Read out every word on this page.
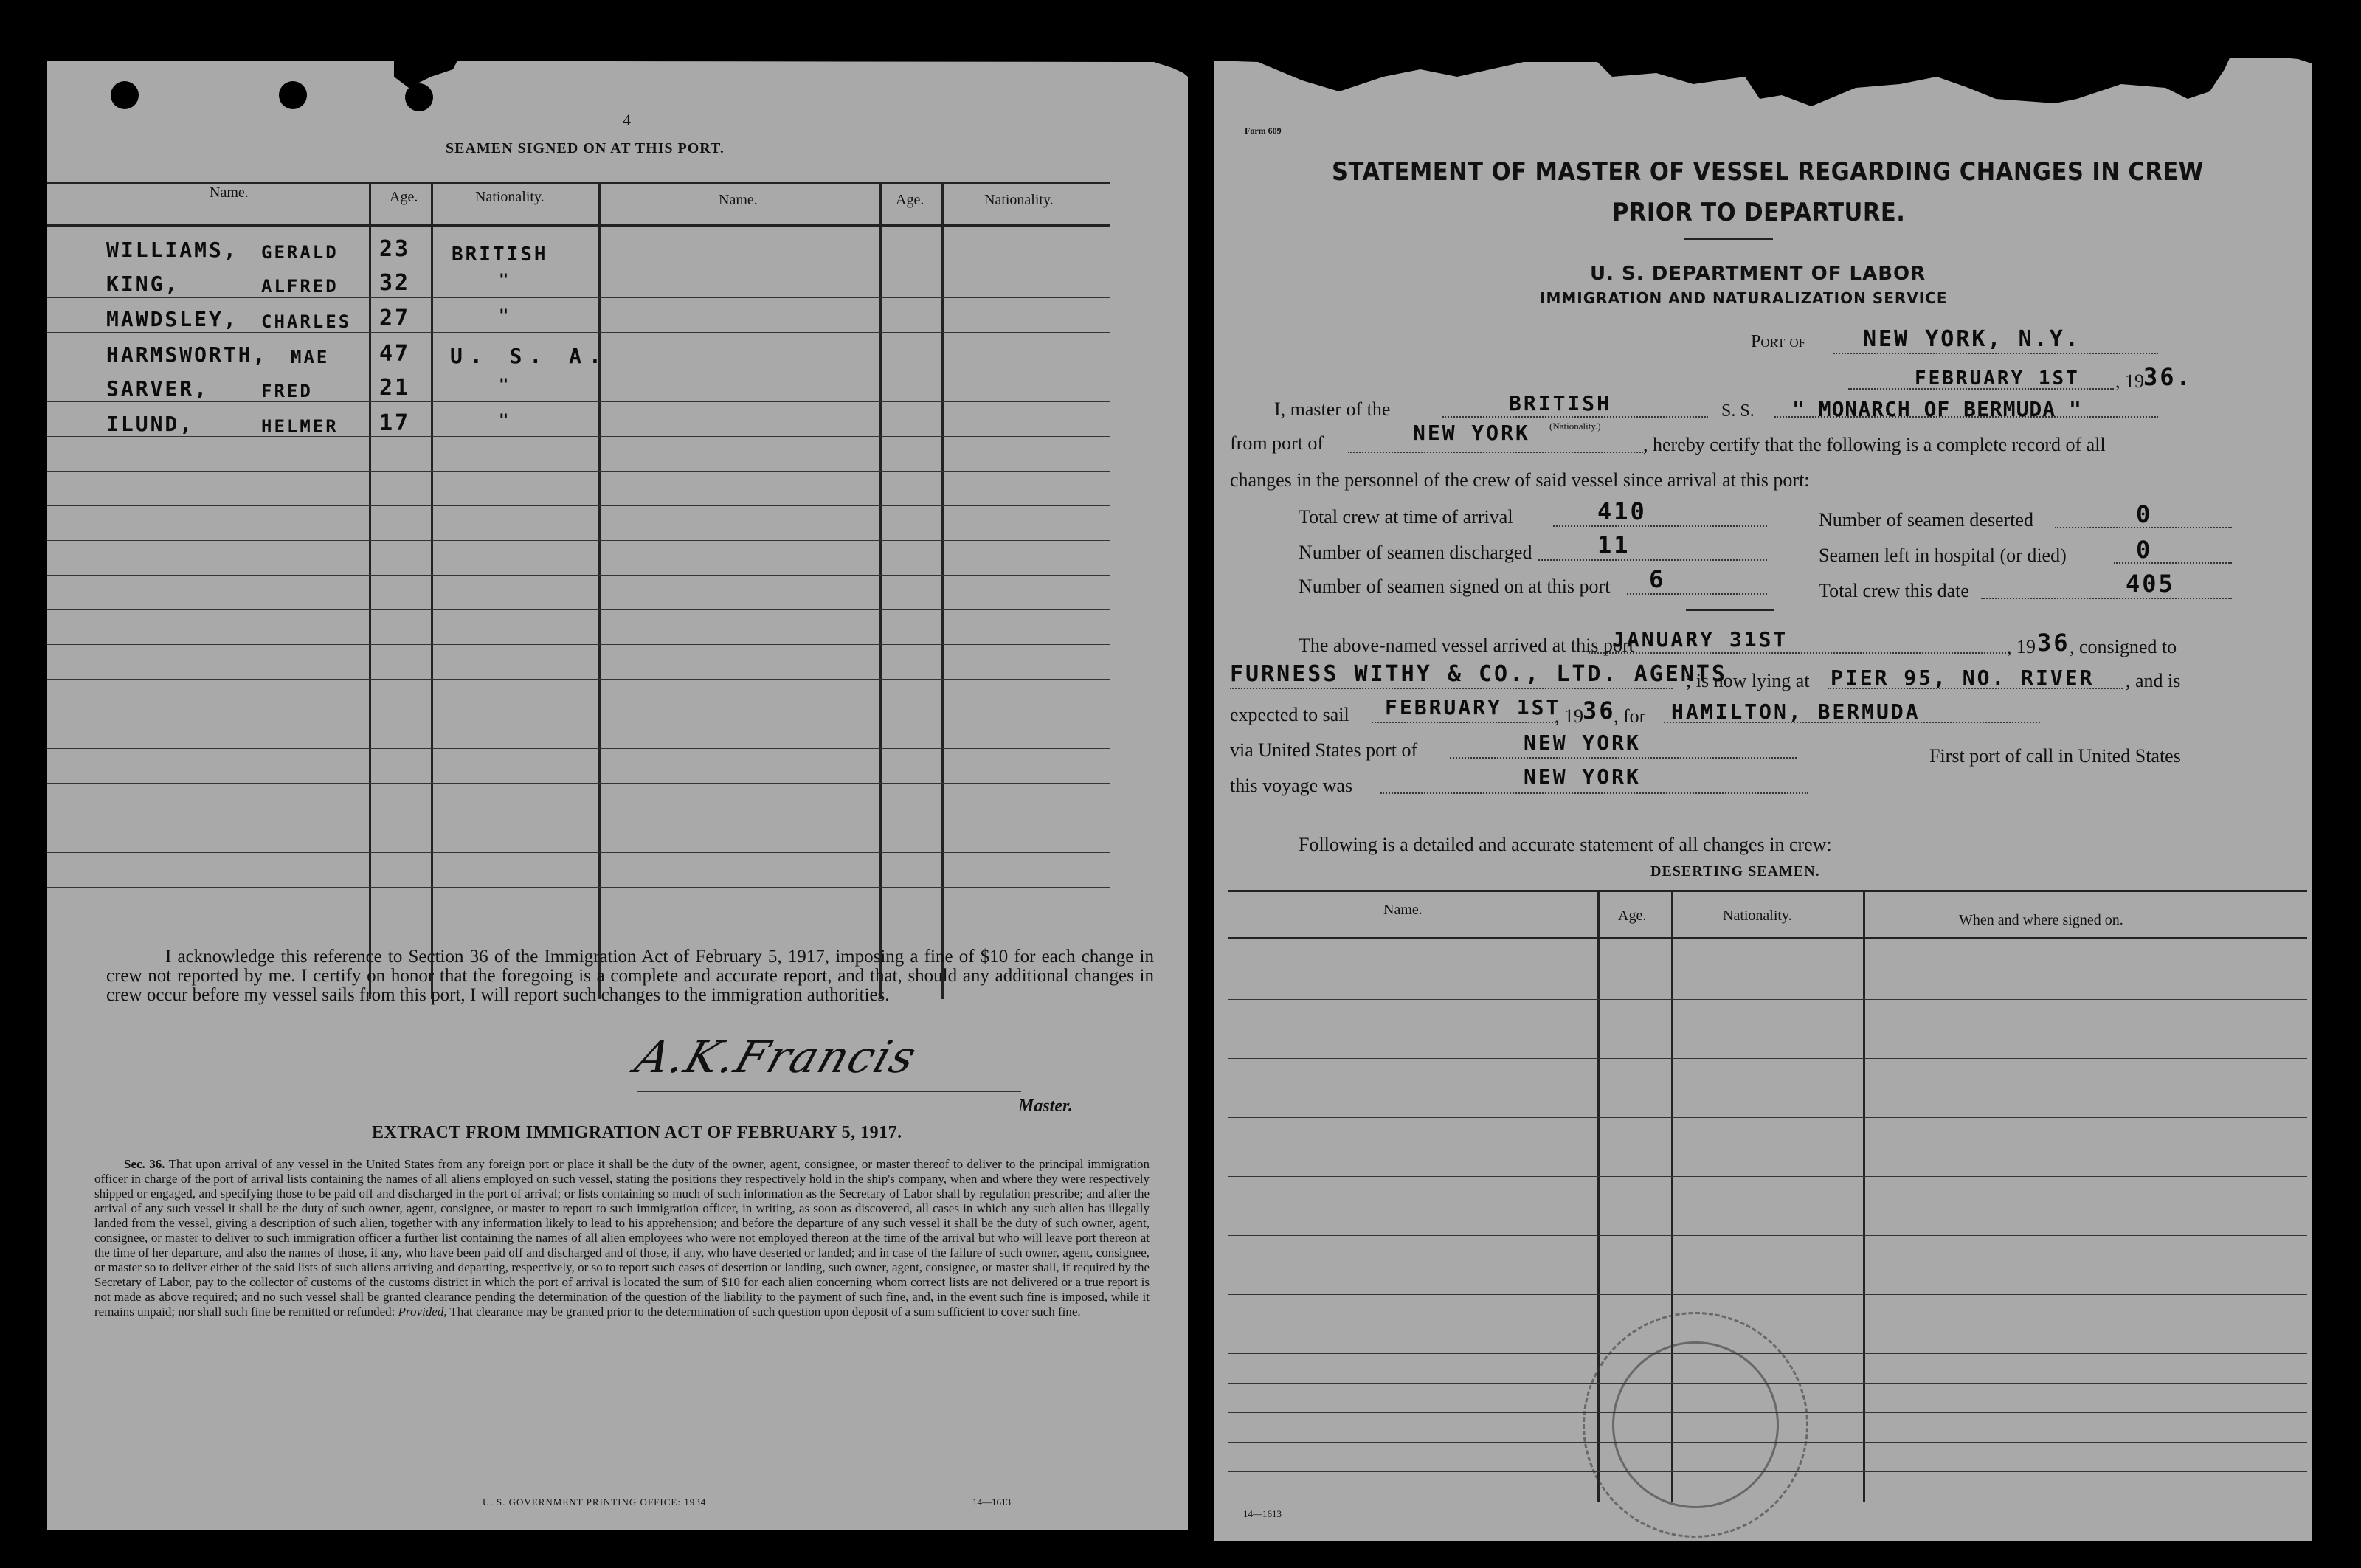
4
SEAMEN SIGNED ON AT THIS PORT.
Name.	Age.	Nationality.	Name.	Age.	Nationality.
WILLIAMS, GERALD 23 BRITISH
KING,	ALFRED 32	"
MAWDSLEY, CHARLES 27	"
HARMSWORTH, MAE 47 U. S. A.
SARVER,	FRED	21	"
ILUND,	HELMER 17	"
I acknowledge this reference to Section 36 of the Immigration Act of February 5, 1917, imposing a fine of $10 for each change in crew not reported by me. I certify on honor that the foregoing is a complete and accurate report, and that, should any additional changes in crew occur before my vessel sails from this port, I will report such changes to the immigration authorities.
A.K.Francis
Master.
EXTRACT FROM IMMIGRATION ACT OF FEBRUARY 5, 1917.
Sec. 36. That upon arrival of any vessel in the United States from any foreign port or place it shall be the duty of the owner, agent, consignee, or master thereof to deliver to the principal immigration officer in charge of the port of arrival lists containing the names of all aliens employed on such vessel, stating the positions they respectively hold in the ship's company, when and where they were respectively shipped or engaged, and specifying those to be paid off and discharged in the port of arrival; or lists containing so much of such information as the Secretary of Labor shall by regulation prescribe; and after the arrival of any such vessel it shall be the duty of such owner, agent, consignee, or master to report to such immigration officer, in writing, as soon as discovered, all cases in which any such alien has illegally landed from the vessel, giving a description of such alien, together with any information likely to lead to his apprehension; and before the departure of any such vessel it shall be the duty of such owner, agent, consignee, or master to deliver to such immigration officer a further list containing the names of all alien employees who were not employed thereon at the time of the arrival but who will leave port thereon at the time of her departure, and also the names of those, if any, who have been paid off and discharged and of those, if any, who have deserted or landed; and in case of the failure of such owner, agent, consignee, or master so to deliver either of the said lists of such aliens arriving and departing, respectively, or so to report such cases of desertion or landing, such owner, agent, consignee, or master shall, if required by the Secretary of Labor, pay to the collector of customs of the customs district in which the port of arrival is located the sum of $10 for each alien concerning whom correct lists are not delivered or a true report is not made as above required; and no such vessel shall be granted clearance pending the determination of the question of the liability to the payment of such fine, and, in the event such fine is imposed, while it remains unpaid; nor shall such fine be remitted or refunded: Provided, That clearance may be granted prior to the determination of such question upon deposit of a sum sufficient to cover such fine.
U. S. GOVERNMENT PRINTING OFFICE: 1934	14—1613
Form 609
STATEMENT OF MASTER OF VESSEL REGARDING CHANGES IN CREW
PRIOR TO DEPARTURE.
U. S. DEPARTMENT OF LABOR
IMMIGRATION AND NATURALIZATION SERVICE
Port of	NEW YORK, N.Y.
FEBRUARY 1ST , 19 36.
I, master of the	BRITISH
(Nationality.)
S. S. " MONARCH OF BERMUDA "
from port of	NEW YORK	, hereby certify that the following is a complete record of all
changes in the personnel of the crew of said vessel since arrival at this port:
Total crew at time of arrival	410
Number of seamen discharged	11
Number of seamen signed on at this port 6
Number of seamen deserted	0
Seamen left in hospital (or died)	0
Total crew this date	405
The above-named vessel arrived at this port
JANUARY 31ST	, 19 36 , consigned to
FURNESS WITHY & CO., LTD. AGENTS
; is now lying at PIER 95, NO. RIVER , and is
expected to sail FEBRUARY 1ST
, 19 36
, for HAMILTON, BERMUDA
via United States port of	NEW YORK
First port of call in United States
this voyage was	NEW YORK
Following is a detailed and accurate statement of all changes in crew:
DESERTING SEAMEN.
Name.	Age.	Nationality.	When and where signed on.
14—1613
